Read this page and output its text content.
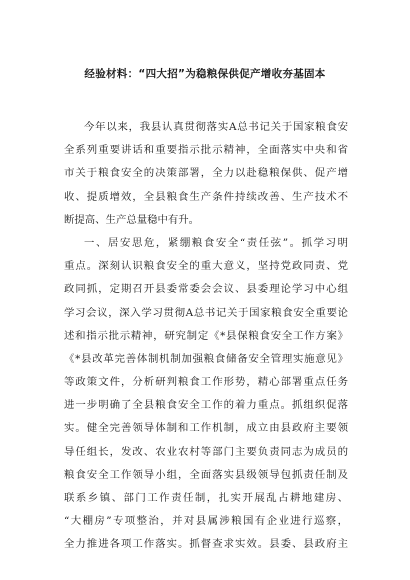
经验材料：“四大招”为稳粮保供促产增收夯基固本
今年以来，我县认真贯彻落实A总书记关于国家粮食安
全系列重要讲话和重要指示批示精神，全面落实中央和省
市关于粮食安全的决策部署，全力以赴稳粮保供、促产增
收、提质增效，全县粮食生产条件持续改善、生产技术不
断提高、生产总量稳中有升。
一、居安思危，紧绷粮食安全“责任弦”。抓学习明
重点。深刻认识粮食安全的重大意义，坚持党政同责、党
政同抓，定期召开县委常委会会议、县委理论学习中心组
学习会议，深入学习贯彻A总书记关于国家粮食安全重要论
述和指示批示精神，研究制定《*县保粮食安全工作方案》
《*县改革完善体制机制加强粮食储备安全管理实施意见》
等政策文件，分析研判粮食工作形势，精心部署重点任务
进一步明确了全县粮食安全工作的着力重点。抓组织促落
实。健全完善领导体制和工作机制，成立由县政府主要领
导任组长，发改、农业农村等部门主要负责同志为成员的
粮食安全工作领导小组，全面落实县级领导包抓责任制及
联系乡镇、部门工作责任制，扎实开展乱占耕地建房、
“大棚房”专项整治，并对县属涉粮国有企业进行巡察，
全力推进各项工作落实。抓督查求实效。县委、县政府主
